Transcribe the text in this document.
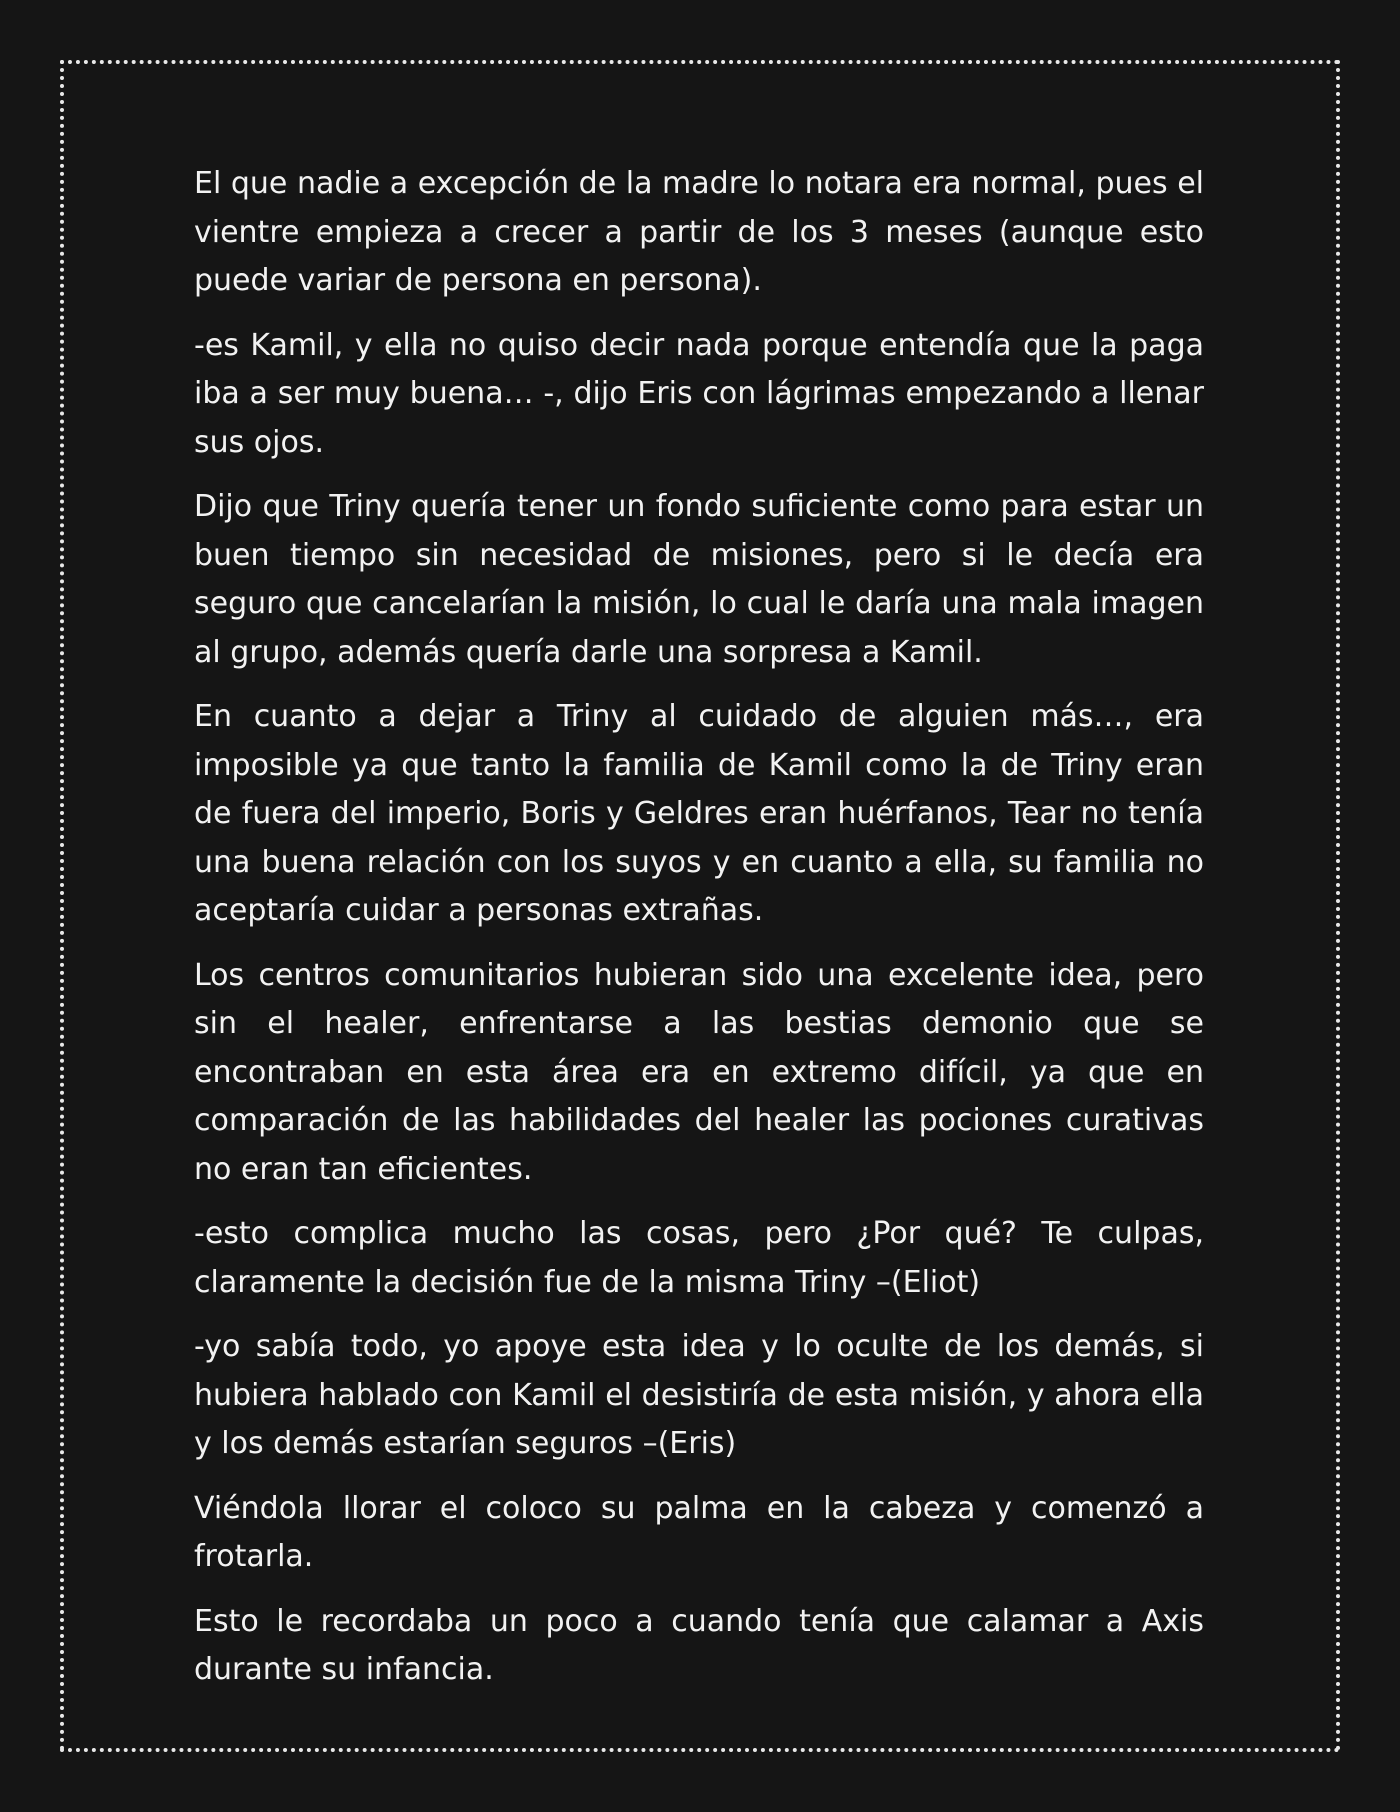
El que nadie a excepción de la madre lo notara era normal, pues el vientre empieza a crecer a partir de los 3 meses (aunque esto puede variar de persona en persona).

-es Kamil, y ella no quiso decir nada porque entendía que la paga iba a ser muy buena… -, dijo Eris con lágrimas empezando a llenar sus ojos.

Dijo que Triny quería tener un fondo suficiente como para estar un buen tiempo sin necesidad de misiones, pero si le decía era seguro que cancelarían la misión, lo cual le daría una mala imagen al grupo, además quería darle una sorpresa a Kamil.

En cuanto a dejar a Triny al cuidado de alguien más…, era imposible ya que tanto la familia de Kamil como la de Triny eran de fuera del imperio, Boris y Geldres eran huérfanos, Tear no tenía una buena relación con los suyos y en cuanto a ella, su familia no aceptaría cuidar a personas extrañas.

Los centros comunitarios hubieran sido una excelente idea, pero sin el healer, enfrentarse a las bestias demonio que se encontraban en esta área era en extremo difícil, ya que en comparación de las habilidades del healer las pociones curativas no eran tan eficientes.

-esto complica mucho las cosas, pero ¿Por qué? Te culpas, claramente la decisión fue de la misma Triny –(Eliot)

-yo sabía todo, yo apoye esta idea y lo oculte de los demás, si hubiera hablado con Kamil el desistiría de esta misión, y ahora ella y los demás estarían seguros –(Eris)

Viéndola llorar el coloco su palma en la cabeza y comenzó a frotarla.

Esto le recordaba un poco a cuando tenía que calamar a Axis durante su infancia.
